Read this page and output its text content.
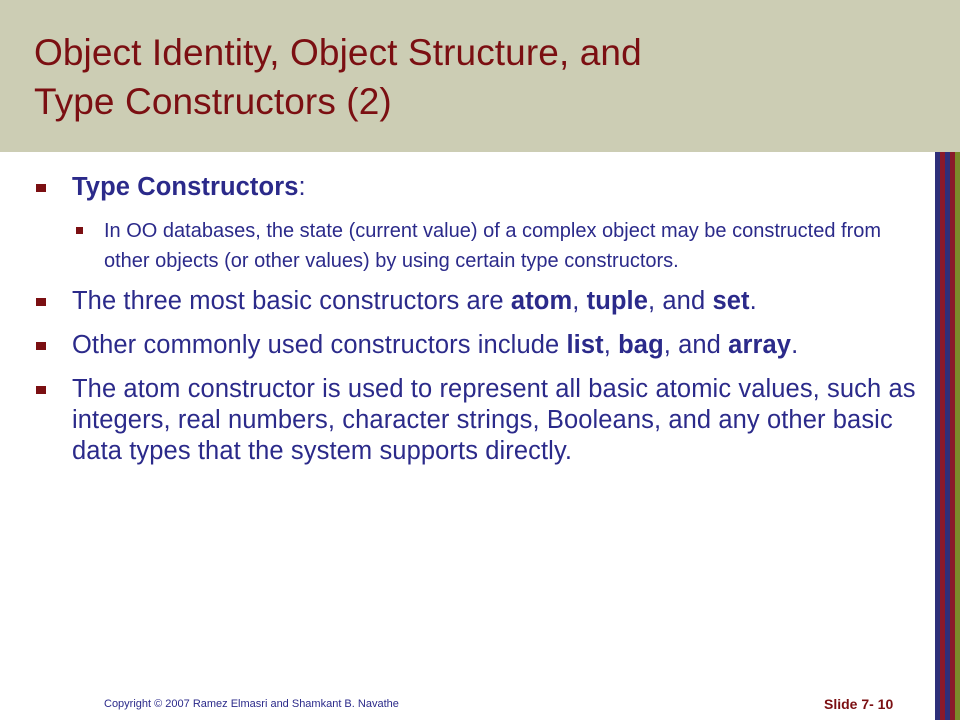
Object Identity, Object Structure, and
Type Constructors (2)
Type Constructors:
In OO databases, the state (current value) of a complex object may be constructed from other objects (or other values) by using certain type constructors.
The three most basic constructors are atom, tuple, and set.
Other commonly used constructors include list, bag, and array.
The atom constructor is used to represent all basic atomic values, such as integers, real numbers, character strings, Booleans, and any other basic data types that the system supports directly.
Copyright © 2007 Ramez Elmasri and Shamkant B. Navathe	Slide 7- 10
